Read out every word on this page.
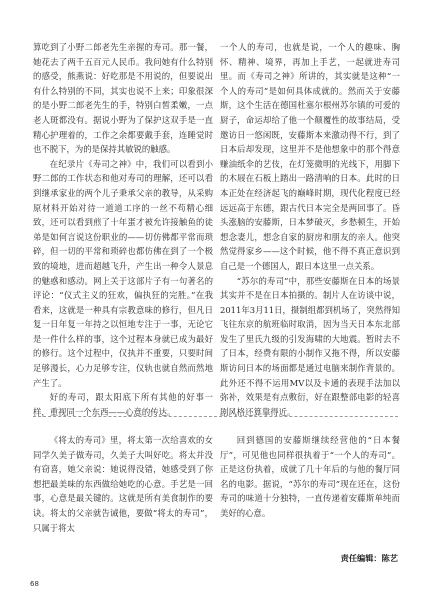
算吃到了小野二郎老先生亲握的寿司。那一餐，她花去了两千五百元人民币。我问她有什么特别的感受，熊燕说：好吃那是不用说的，但要说出有什么特别的不同，其实也说不上来；印象很深的是小野二郎老先生的手，特别白皙柔嫩，一点老人斑都没有。据说小野为了保护这双手是一直精心护理着的，工作之余都要戴手套，连睡觉时也不脱下，为的是保持其敏锐的触感。

在纪录片《寿司之神》中，我们可以看到小野二郎的工作状态和他对寿司的理解，还可以看到继承家业的两个儿子秉承父亲的教导，从采购原材料开始对待一道道工序的一丝不苟精心细致，还可以看到煎了十年蛋才被允许接触鱼的徒弟是如何言说这份职业的——切仿佛都平常而琐碎，但一切的平常和琐碎也都仿佛在到了一个极致的境地，进而超越飞升，产生出一种令人景息的魅惑和感动。网上关于这部片子有一句著名的评论：“仪式主义的狂欢，偏执狂的完胜。”在我看来，这就是一种具有宗教意味的修行，但凡日复一日年复一年持之以恒地专注于一事，无论它是一件什么样的事，这个过程本身就已成为最好的修行。这个过程中，仅执并不重要，只要时间足够漫长，心力足够专注，仪轨也就自然而然地产生了。

好的寿司，跟太阳底下所有其他的好事一样，重视同一个东西——心意的传达。

一个人的寿司，也就是说，一个人的趣味、胸怀、精神、境界，再加上手艺，一起就进寿司里。而《寿司之神》所讲的，其实就是这种“一个人的寿司”是如何具体成就的。然而关于安藤斯，这个生活在德国杜塞尔根州苏尔镇的可爱的厨子，命运却给了他一个颠覆性的故事结局，受邀访日一悠闲既，安藤斯本来激动得不行，到了日本后却发现，这里并不是他想象中的那个得意赚油纸伞的艺伎，在灯笼微明的光线下，用脚下的木屐在石板上踏出一路清响的日本。此时的日本正处在经济起飞的巅峰时期，现代化程度已经远远高于东德，跟古代日本完全是两回事了。昏头涨脑的安藤斯，日本梦破灭，乡愁顿生，开始想念妻儿，想念自家的厨房和朋友的亲人。他突然觉得家乡——这个时候，他不得不真正意识到自己是一个德国人，跟日本这里一点关系。

“苏尔的寿司”中，那些安藤斯在日本的场景其实并不是在日本拍摄的。制片人在访谈中说，2011年3月11日，摄制组都到机场了，突然得知飞往东京的航班临时取消，因为当天日本东北部发生了里氏九级的引发海啸的大地震。暂时去不了日本，经费有限的小制作又拖不得，所以安藤斯访问日本的场面都是通过电脑来制作背景的。此外还不得不运用MV以及卡通的表现手法加以弥补，效果是有点敷衍，好在跟整部电影的轻喜剧风格还算靠得近。

《将太的寿司》里，将太第一次给喜欢的女同学久美子做寿司，久美子大叫好吃。将太并没有窃喜，她父亲说：她说得没错，她感受到了你想把最美味的东西做给她吃的心意。手艺是一回事，心意是最关键的。这就是所有美食制作的要诀。将太的父亲就告诫他，要做“将太的寿司”，只属于将太

回到德国的安藤斯继续经营他的“日本餐厅”，可见他也同样很执着于“一个人的寿司”。正是这份执着，成就了几十年后的与他的餐厅同名的电影。据说，“苏尔的寿司”现在还在，这份寿司的味道十分独特，一直传递着安藤斯单纯而美好的心意。

责任编辑：陈艺
68
